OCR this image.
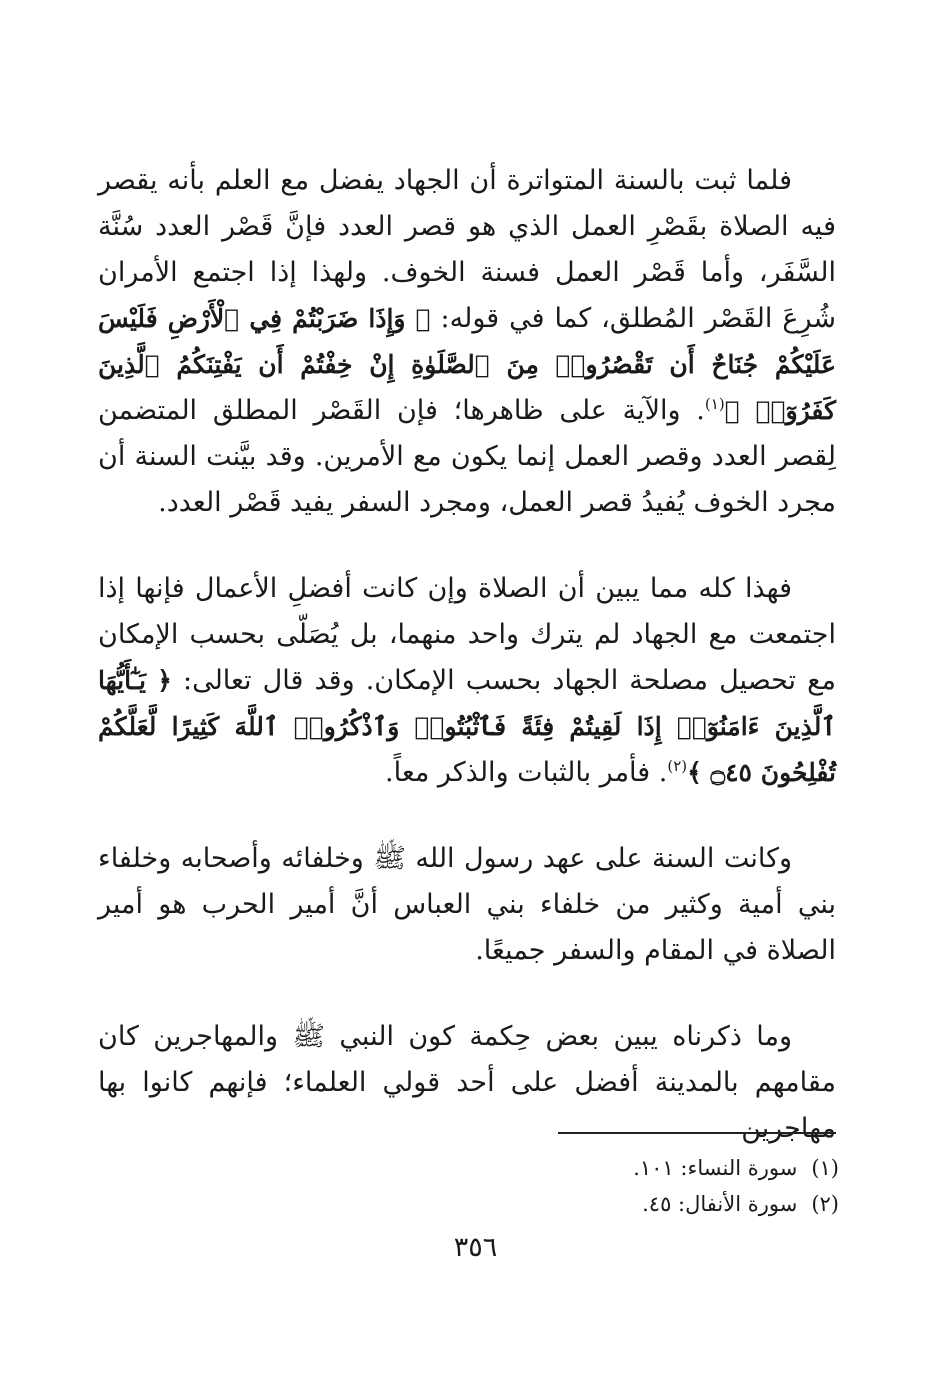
فلما ثبت بالسنة المتواترة أن الجهاد يفضل مع العلم بأنه يقصر فيه الصلاة بقَصْرِ العمل الذي هو قصر العدد فإنَّ قَصْر العدد سُنَّة السَّفَر، وأما قَصْر العمل فسنة الخوف. ولهذا إذا اجتمع الأمران شُرِعَ القَصْر المُطلق، كما في قوله: ﴿ وَإِذَا ضَرَبْتُمْ فِي ٱلْأَرْضِ فَلَيْسَ عَلَيْكُمْ جُنَاحٌ أَن تَقْصُرُوا۟ مِنَ ٱلصَّلَوٰةِ إِنْ خِفْتُمْ أَن يَفْتِنَكُمُ ٱلَّذِينَ كَفَرُوٓا۟ ﴾$^{(١)}$. والآية على ظاهرها؛ فإن القَصْر المطلق المتضمن لِقصر العدد وقصر العمل إنما يكون مع الأمرين. وقد بيَّنت السنة أن مجرد الخوف يُفيدُ قصر العمل، ومجرد السفر يفيد قَصْر العدد.

فهذا كله مما يبين أن الصلاة وإن كانت أفضلِ الأعمال فإنها إذا اجتمعت مع الجهاد لم يترك واحد منهما، بل يُصَلّى بحسب الإمكان مع تحصيل مصلحة الجهاد بحسب الإمكان. وقد قال تعالى: ﴿ يَـٰٓأَيُّهَا ٱلَّذِينَ ءَامَنُوٓا۟ إِذَا لَقِيتُمْ فِئَةً فَٱثْبُتُوا۟ وَٱذْكُرُوا۟ ٱللَّهَ كَثِيرًا لَّعَلَّكُمْ تُفْلِحُونَ ۝٤٥ ﴾$^{(٢)}$. فأمر بالثبات والذكر معاً.

وكانت السنة على عهد رسول الله ﷺ وخلفائه وأصحابه وخلفاء بني أمية وكثير من خلفاء بني العباس أنَّ أمير الحرب هو أمير الصلاة في المقام والسفر جميعًا.

وما ذكرناه يبين بعض حِكمة كون النبي ﷺ والمهاجرين كان مقامهم بالمدينة أفضل على أحد قولي العلماء؛ فإنهم كانوا بها مهاجرين

(١)سورة النساء: ١٠١.

(٢)سورة الأنفال: ٤٥.

٣٥٦
